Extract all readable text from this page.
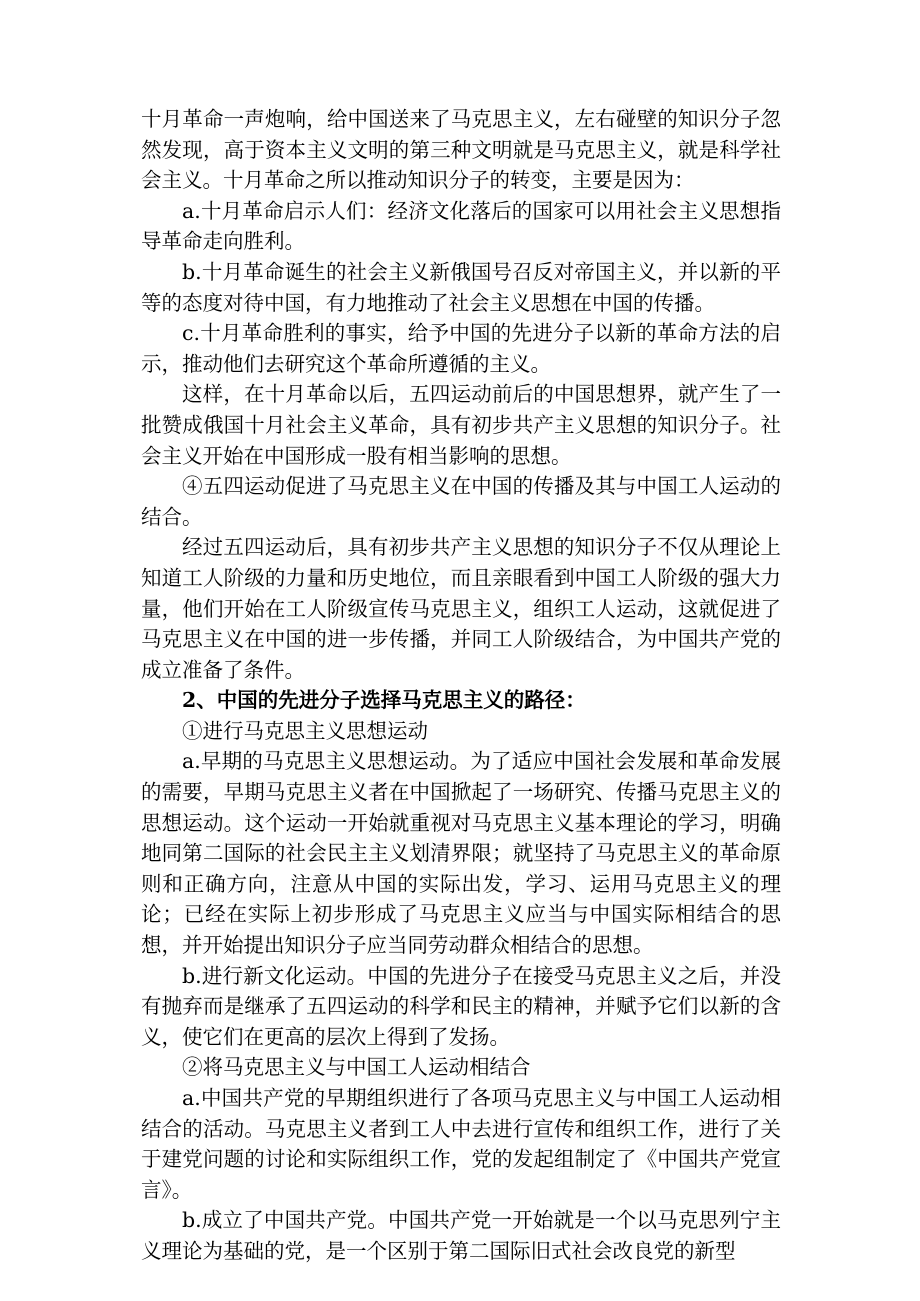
十月革命一声炮响，给中国送来了马克思主义，左右碰壁的知识分子忽然发现，高于资本主义文明的第三种文明就是马克思主义，就是科学社会主义。十月革命之所以推动知识分子的转变，主要是因为：

a.十月革命启示人们：经济文化落后的国家可以用社会主义思想指导革命走向胜利。

b.十月革命诞生的社会主义新俄国号召反对帝国主义，并以新的平等的态度对待中国，有力地推动了社会主义思想在中国的传播。

c.十月革命胜利的事实，给予中国的先进分子以新的革命方法的启示，推动他们去研究这个革命所遵循的主义。

这样，在十月革命以后，五四运动前后的中国思想界，就产生了一批赞成俄国十月社会主义革命，具有初步共产主义思想的知识分子。社会主义开始在中国形成一股有相当影响的思想。

④五四运动促进了马克思主义在中国的传播及其与中国工人运动的结合。

经过五四运动后，具有初步共产主义思想的知识分子不仅从理论上知道工人阶级的力量和历史地位，而且亲眼看到中国工人阶级的强大力量，他们开始在工人阶级宣传马克思主义，组织工人运动，这就促进了马克思主义在中国的进一步传播，并同工人阶级结合，为中国共产党的成立准备了条件。

2、中国的先进分子选择马克思主义的路径：

①进行马克思主义思想运动

a.早期的马克思主义思想运动。为了适应中国社会发展和革命发展的需要，早期马克思主义者在中国掀起了一场研究、传播马克思主义的思想运动。这个运动一开始就重视对马克思主义基本理论的学习，明确地同第二国际的社会民主主义划清界限；就坚持了马克思主义的革命原则和正确方向，注意从中国的实际出发，学习、运用马克思主义的理论；已经在实际上初步形成了马克思主义应当与中国实际相结合的思想，并开始提出知识分子应当同劳动群众相结合的思想。

b.进行新文化运动。中国的先进分子在接受马克思主义之后，并没有抛弃而是继承了五四运动的科学和民主的精神，并赋予它们以新的含义，使它们在更高的层次上得到了发扬。

②将马克思主义与中国工人运动相结合

a.中国共产党的早期组织进行了各项马克思主义与中国工人运动相结合的活动。马克思主义者到工人中去进行宣传和组织工作，进行了关于建党问题的讨论和实际组织工作，党的发起组制定了《中国共产党宣言》。

b.成立了中国共产党。中国共产党一开始就是一个以马克思列宁主义理论为基础的党，是一个区别于第二国际旧式社会改良党的新型
